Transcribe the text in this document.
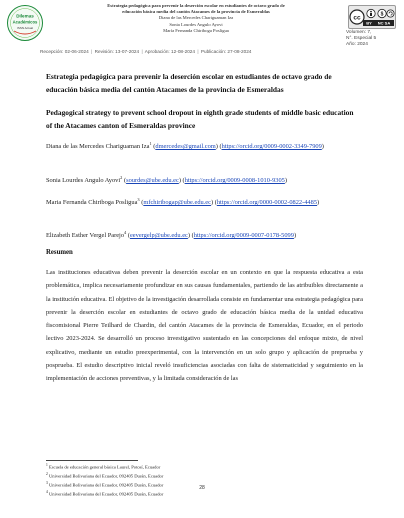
Dilemas
Académicos
ISSN Actual
Estrategia pedagógica para prevenir la deserción escolar en estudiantes de octavo grado de
educación básica media del cantón Atacames de la provincia de Esmeraldas
Diana de las Mercedes Chariguaman Iza
Sonia Lourdes Angulo Ayovi
María Fernanda Chiriboga Posligua
cc
$
BY NC SA
Volumen: 7,
N°. Especial 5
Año: 2024
Recepción: 02-06-2024 | Revisión: 13-07-2024 | Aprobación: 12-08-2024 | Publicación: 27-08-2024
Estrategia pedagógica para prevenir la deserción escolar en estudiantes de octavo grado de educación básica media del cantón Atacames de la provincia de Esmeraldas
Pedagogical strategy to prevent school dropout in eighth grade students of middle basic education of the Atacames canton of Esmeraldas province
Diana de las Mercedes Chariguaman Iza$^1$ (dmercedes@gmail.com) (https://orcid.org/0009-0002-3349-7909)
Sonia Lourdes Angulo Ayovi$^2$ (sourdes@ube.edu.ec) (https://orcid.org/0009-0008-1010-9305)
Maria Fernanda Chiriboga Posligua$^3$ (mfchiribogap@ube.edu.ec) (https://orcid.org/0000-0002-0822-4485)
Elizabeth Esther Vergel Parejo$^4$ (eevergelp@ube.edu.ec) (https://orcid.org/0009-0007-0178-5099)
Resumen
Las instituciones educativas deben prevenir la deserción escolar en un contexto en que la respuesta educativa a esta problemática, implica necesariamente profundizar en sus causas fundamentales, partiendo de las atribuibles directamente a la institución educativa. El objetivo de la investigación desarrollada consiste en fundamentar una estrategia pedagógica para prevenir la deserción escolar en estudiantes de octavo grado de educación básica media de la unidad educativa fiscomisional Pierre Teilhard de Chardin, del cantón Atacames de la provincia de Esmeraldas, Ecuador, en el periodo lectivo 2023-2024. Se desarrolló un proceso investigativo sustentado en las concepciones del enfoque mixto, de nivel explicativo, mediante un estudio preexperimental, con la intervención en un solo grupo y aplicación de preprueba y posprueba. El estudio descriptivo inicial reveló insuficiencias asociadas con falta de sistematicidad y seguimiento en la implementación de acciones preventivas, y la limitada consideración de las
$^1$ Escuela de educación general básica Laurel, Potosí, Ecuador
$^2$ Universidad Bolivariana del Ecuador, 092405 Durán, Ecuador
$^3$ Universidad Bolivariana del Ecuador, 092405 Durán, Ecuador
$^4$ Universidad Bolivariana del Ecuador, 092405 Durán, Ecuador
28
